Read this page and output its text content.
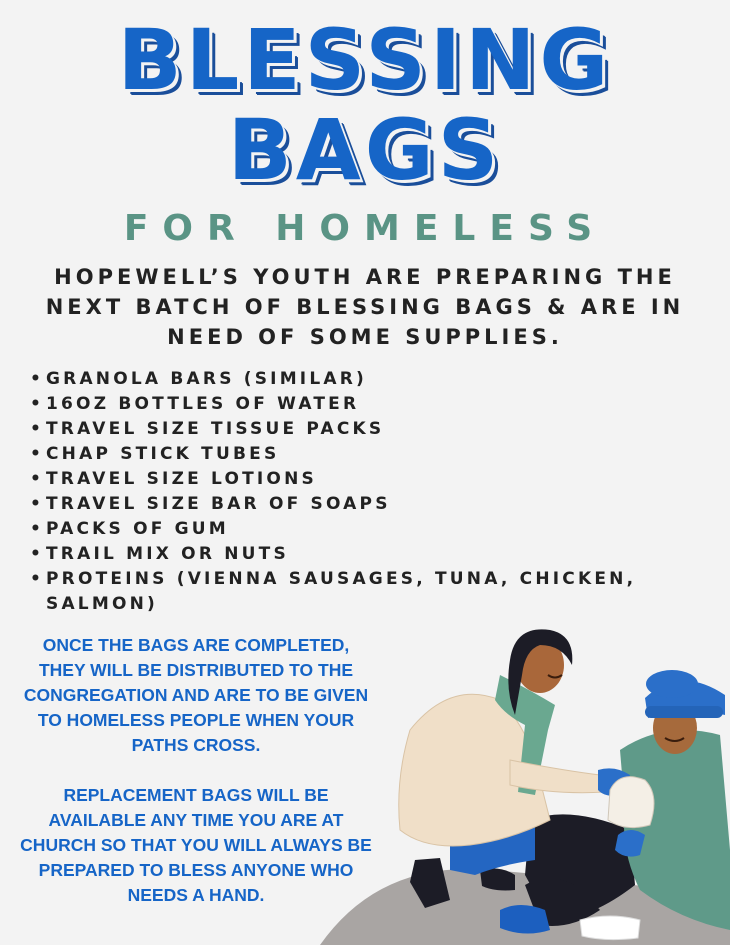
BLESSING
BAGS
FOR HOMELESS
HOPEWELL’S YOUTH ARE PREPARING THE NEXT BATCH OF BLESSING BAGS & ARE IN NEED OF SOME SUPPLIES.
• GRANOLA BARS (SIMILAR)
• 16OZ BOTTLES OF WATER
• TRAVEL SIZE TISSUE PACKS
• CHAP STICK TUBES
• TRAVEL SIZE LOTIONS
• TRAVEL SIZE BAR OF SOAPS
• PACKS OF GUM
• TRAIL MIX OR NUTS
• PROTEINS (VIENNA SAUSAGES, TUNA, CHICKEN, SALMON)
ONCE THE BAGS ARE COMPLETED, THEY WILL BE DISTRIBUTED TO THE CONGREGATION AND ARE TO BE GIVEN TO HOMELESS PEOPLE WHEN YOUR PATHS CROSS.
REPLACEMENT BAGS WILL BE AVAILABLE ANY TIME YOU ARE AT CHURCH SO THAT YOU WILL ALWAYS BE PREPARED TO BLESS ANYONE WHO NEEDS A HAND.
